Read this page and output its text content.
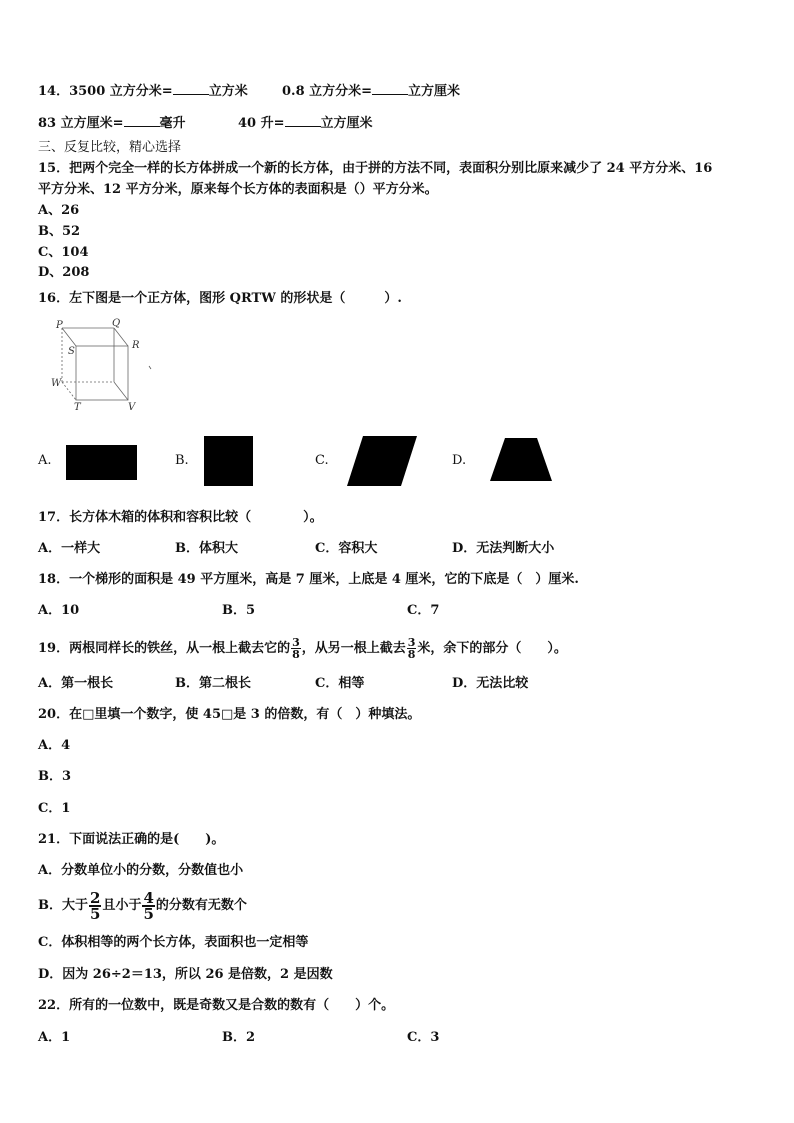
14．3500 立方分米=	立方米	0.8 立方分米=	立方厘米
83 立方厘米=	毫升	40 升=	立方厘米
三、反复比较，精心选择
15．把两个完全一样的长方体拼成一个新的长方体，由于拼的方法不同，表面积分别比原来减少了 24 平方分米、16
平方分米、12 平方分米，原来每个长方体的表面积是（）平方分米。
A、26
B、52
C、104
D、208
16．左下图是一个正方体，图形 QRTW 的形状是（　　　）.
P	Q
S
R
W
T	V
A.	B.	C.	D.
17．长方体木箱的体积和容积比较（　　　　）。
A．一样大	B．体积大	C．容积大	D．无法判断大小
18．一个梯形的面积是 49 平方厘米，高是 7 厘米，上底是 4 厘米，它的下底是（　）厘米.
A．10	B．5	C．7
19．两根同样长的铁丝，从一根上截去它的 $\frac{3}{8}$ ，从另一根上截去 $\frac{3}{8}$ 米，余下的部分（　　）。
A．第一根长	B．第二根长	C．相等	D．无法比较
20．在□里填一个数字，使 45□是 3 的倍数，有（　）种填法。
A．4
B．3
C．1
21．下面说法正确的是(　　)。
A．分数单位小的分数，分数值也小
B．大于 $\frac{2}{5}$ 且小于 $\frac{4}{5}$ 的分数有无数个
C．体积相等的两个长方体，表面积也一定相等
D．因为 26÷2＝13，所以 26 是倍数，2 是因数
22．所有的一位数中，既是奇数又是合数的数有（　　）个。
A．1	B．2	C．3
